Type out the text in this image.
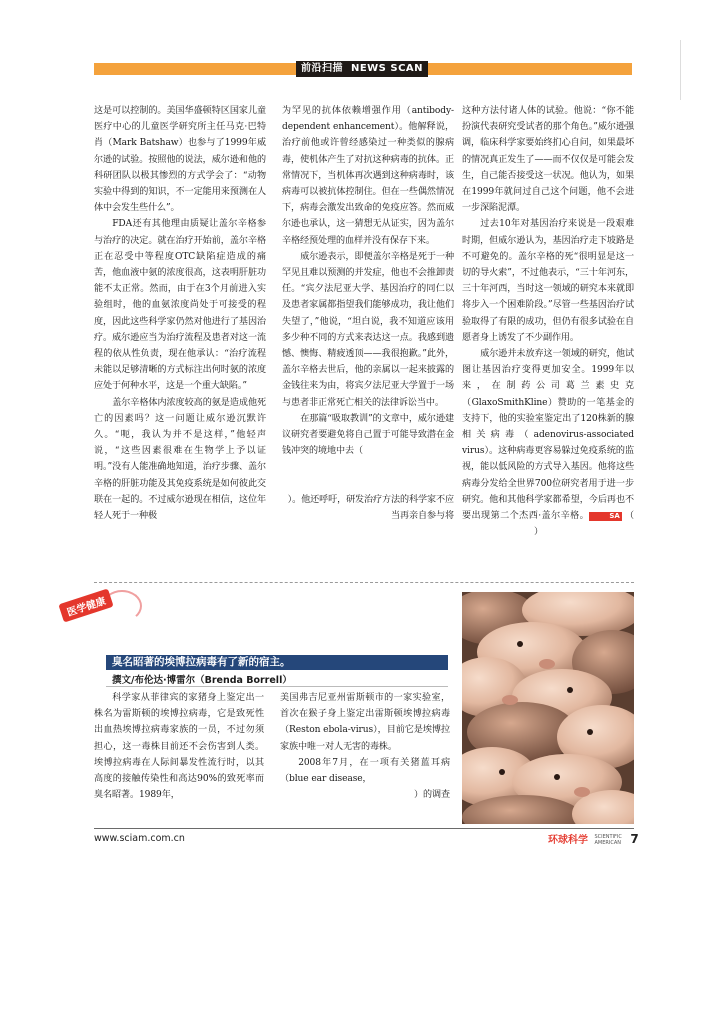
前沿扫描 NEWS SCAN

这是可以控制的。美国华盛顿特区国家儿童医疗中心的儿童医学研究所主任马克·巴特肖（Mark Batshaw）也参与了1999年威尔逊的试验。按照他的说法，威尔逊和他的科研团队以极其惨烈的方式学会了：“动物实验中得到的知识，不一定能用来预测在人体中会发生些什么”。

FDA还有其他理由质疑让盖尔辛格参与治疗的决定。就在治疗开始前，盖尔辛格正在忍受中等程度OTC缺陷症造成的痛苦，他血液中氨的浓度很高，这表明肝脏功能不太正常。然而，由于在3个月前进入实验组时，他的血氨浓度尚处于可接受的程度，因此这些科学家仍然对他进行了基因治疗。威尔逊应当为治疗流程及患者对这一流程的依从性负责，现在他承认：“治疗流程未能以足够清晰的方式标注出何时氨的浓度应处于何种水平，这是一个重大缺陷。”

盖尔辛格体内浓度较高的氨是造成他死亡的因素吗？这一问题让威尔逊沉默许久。“呃，我认为并不是这样，”他轻声说，“这些因素很难在生物学上予以证明。”没有人能准确地知道，治疗步骤、盖尔辛格的肝脏功能及其免疫系统是如何彼此交联在一起的。不过威尔逊现在相信，这位年轻人死于一种极

为罕见的抗体依赖增强作用（antibody-dependent enhancement）。他解释说，治疗前他或许曾经感染过一种类似的腺病毒，使机体产生了对抗这种病毒的抗体。正常情况下，当机体再次遇到这种病毒时，该病毒可以被抗体控制住。但在一些偶然情况下，病毒会激发出致命的免疫应答。然而威尔逊也承认，这一猜想无从证实，因为盖尔辛格经预处理的血样并没有保存下来。

威尔逊表示，即便盖尔辛格是死于一种罕见且难以预测的并发症，他也不会推卸责任。“宾夕法尼亚大学、基因治疗的同仁以及患者家属都指望我们能够成功，我让他们失望了，”他说，“坦白说，我不知道应该用多少种不同的方式来表达这一点。我感到遗憾、懊悔、精疲透顶——我很抱歉。”此外，盖尔辛格去世后，他的亲属以一起来披露的金钱往来为由，将宾夕法尼亚大学置于一场与患者非正常死亡相关的法律诉讼当中。

在那篇“吸取教训”的文章中，威尔逊建议研究者要避免将自己置于可能导致潜在金钱冲突的境地中去（

）。他还呼吁，研发治疗方法的科学家不应当再亲自参与将

这种方法付诸人体的试验。他说：“你不能扮演代表研究受试者的那个角色。”威尔逊强调，临床科学家要始终扪心自问，如果最坏的情况真正发生了——而不仅仅是可能会发生，自己能否接受这一状况。他认为，如果在1999年就问过自己这个问题，他不会进一步深陷泥潭。

过去10年对基因治疗来说是一段艰难时期，但威尔逊认为，基因治疗走下坡路是不可避免的。盖尔辛格的死“很明显是这一切的导火索”，不过他表示，“三十年河东，三十年河西，当时这一领域的研究本来就即将步入一个困难阶段。”尽管一些基因治疗试验取得了有限的成功，但仍有很多试验在自愿者身上诱发了不少副作用。

威尔逊并未放弃这一领域的研究，他试图让基因治疗变得更加安全。1999年以来，在制药公司葛兰素史克（GlaxoSmithKline）赞助的一笔基金的支持下，他的实验室鉴定出了120株新的腺相关病毒（adenovirus-associated virus）。这种病毒更容易躲过免疫系统的监视，能以低风险的方式导入基因。他将这些病毒分发给全世界700位研究者用于进一步研究。他和其他科学家都希望，今后再也不要出现第二个杰西·盖尔辛格。	SA （）

医学健康
臭名昭著的埃博拉病毒有了新的宿主。
撰文/布伦达·博雷尔（Brenda Borrell）

科学家从菲律宾的家猪身上鉴定出一株名为雷斯顿的埃博拉病毒，它是致死性出血热埃博拉病毒家族的一员，不过勿须担心，这一毒株目前还不会伤害到人类。埃博拉病毒在人际间暴发性流行时，以其高度的接触传染性和高达90%的致死率而臭名昭著。1989年，

美国弗吉尼亚州雷斯顿市的一家实验室，首次在猴子身上鉴定出雷斯顿埃博拉病毒（Reston ebola-virus），目前它是埃博拉家族中唯一对人无害的毒株。

2008年7月，在一项有关猪蓝耳病（blue ear disease，

）的调查

www.sciam.com.cn	环球科学 SCIENTIFIC
AMERICAN 7
